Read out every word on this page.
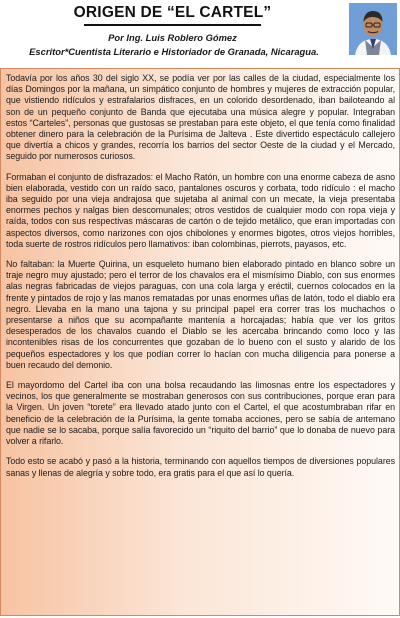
ORIGEN DE “EL CARTEL”
Por Ing. Luis Roblero Gómez
Escritor*Cuentista Literario e Historiador de Granada, Nicaragua.

Todavía por los años 30 del siglo XX, se podía ver por las calles de la ciudad, especialmente los días Domingos por la mañana, un simpático conjunto de hombres y mujeres de extracción popular, que vistiendo ridículos y estrafalarios disfraces, en un colorido desordenado, iban bailoteando al son de un pequeño conjunto de Banda que ejecutaba una música alegre y popular. Integraban estos “Carteles”, personas que gustosas se prestaban para este objeto, el que tenía como finalidad obtener dinero para la celebración de la Purísima de Jalteva . Este divertido espectáculo callejero que divertía a chicos y grandes, recorría los barrios del sector Oeste de la ciudad y el Mercado, seguido por numerosos curiosos.

Formaban el conjunto de disfrazados: el Macho Ratón, un hombre con una enorme cabeza de asno bien elaborada, vestido con un raído saco, pantalones oscuros y corbata, todo ridículo : el macho iba seguido por una vieja andrajosa que sujetaba al animal con un mecate, la vieja presentaba enormes pechos y nalgas bien descomunales; otros vestidos de cualquier modo con ropa vieja y raída, todos con sus respectivas máscaras de cartón o de tejido metálico, que eran importadas con aspectos diversos, como narizones con ojos chibolones y enormes bigotes, otros viejos horribles, toda suerte de rostros ridículos pero llamativos: iban colombinas, pierrots, payasos, etc.

No faltaban: la Muerte Quirina, un esqueleto humano bien elaborado pintado en blanco sobre un traje negro muy ajustado; pero el terror de los chavalos era el mismísimo Diablo, con sus enormes alas negras fabricadas de viejos paraguas, con una cola larga y eréctil, cuernos colocados en la frente y pintados de rojo y las manos rematadas por unas enormes uñas de latón, todo el diablo era negro. Llevaba en la mano una tajona y su principal papel era correr tras los muchachos o presentarse a niños que su acompañante mantenía a horcajadas; había que ver los gritos desesperados de los chavalos cuando el Diablo se les acercaba brincando como loco y las incontenibles risas de los concurrentes que gozaban de lo bueno con el susto y alarido de los pequeños espectadores y los que podían correr lo hacían con mucha diligencia para ponerse a buen recaudo del demonio.

El mayordomo del Cartel iba con una bolsa recaudando las limosnas entre los espectadores y vecinos, los que generalmente se mostraban generosos con sus contribuciones, porque eran para la Virgen. Un joven “torete” era llevado atado junto con el Cartel, el que acostumbraban rifar en beneficio de la celebración de la Purísima, la gente tomaba acciones, pero se sabía de antemano que nadie se lo sacaba, porque salía favorecido un “riquito del barrio” que lo donaba de nuevo para volver a rifarlo.

Todo esto se acabó y pasó a la historia, terminando con aquellos tiempos de diversiones populares sanas y llenas de alegría y sobre todo, era gratis para el que así lo quería.
